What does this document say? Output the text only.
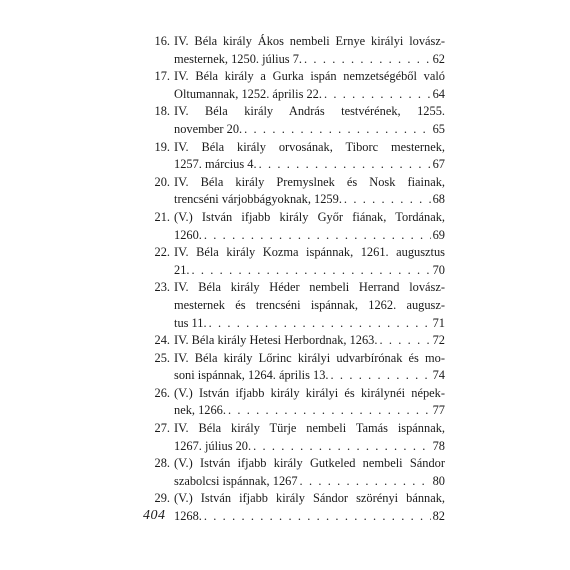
16. IV. Béla király Ákos nembeli Ernye királyi lovász-
mesternek, 1250. július 7. . . .	62
17. IV. Béla király a Gurka ispán nemzetségéből való
Oltumannak, 1252. április 22. . . .	64
18. IV. Béla király András testvérének, 1255.
november 20. . . .	65
19. IV. Béla király orvosának, Tiborc mesternek,
1257. március 4. . . .	67
20. IV. Béla király Premyslnek és Nosk fiainak,
trencséni várjobbágyoknak, 1259. . . .	68
21. (V.) István ifjabb király Győr fiának, Tordának,
1260. . . .	69
22. IV. Béla király Kozma ispánnak, 1261. augusztus
21. . . .	70
23. IV. Béla király Héder nembeli Herrand lovász-
mesternek és trencséni ispánnak, 1262. augusz-
tus 11. . . .	71
24. IV. Béla király Hetesi Herbordnak, 1263. . . .	72
25. IV. Béla király Lőrinc királyi udvarbírónak és mo-
soni ispánnak, 1264. április 13. . . .	74
26. (V.) István ifjabb király királyi és királynéi népek-
nek, 1266. . . .	77
27. IV. Béla király Türje nembeli Tamás ispánnak,
1267. július 20. . . .	78
28. (V.) István ifjabb király Gutkeled nembeli Sándor
szabolcsi ispánnak, 1267 . . .	80
29. (V.) István ifjabb király Sándor szörényi bánnak,
1268. . . .	82
404
